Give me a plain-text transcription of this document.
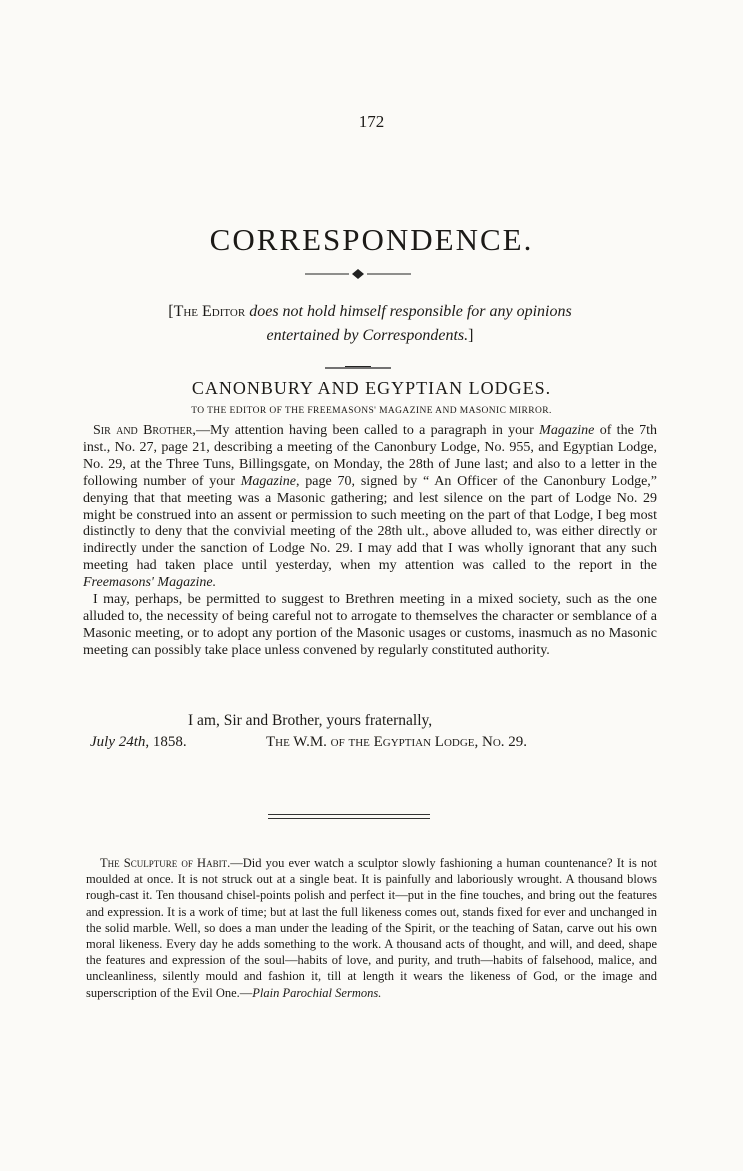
172
CORRESPONDENCE.
[The Editor does not hold himself responsible for any opinions
entertained by Correspondents.]
CANONBURY AND EGYPTIAN LODGES.
TO THE EDITOR OF THE FREEMASONS' MAGAZINE AND MASONIC MIRROR.

Sir and Brother,—My attention having been called to a paragraph in your Magazine of the 7th inst., No. 27, page 21, describing a meeting of the Canonbury Lodge, No. 955, and Egyptian Lodge, No. 29, at the Three Tuns, Billingsgate, on Monday, the 28th of June last; and also to a letter in the following number of your Magazine, page 70, signed by “ An Officer of the Canonbury Lodge,” denying that that meeting was a Masonic gathering; and lest silence on the part of Lodge No. 29 might be construed into an assent or permission to such meeting on the part of that Lodge, I beg most distinctly to deny that the convivial meeting of the 28th ult., above alluded to, was either directly or indirectly under the sanction of Lodge No. 29. I may add that I was wholly ignorant that any such meeting had taken place until yesterday, when my attention was called to the report in the Freemasons' Magazine.

I may, perhaps, be permitted to suggest to Brethren meeting in a mixed society, such as the one alluded to, the necessity of being careful not to arrogate to themselves the character or semblance of a Masonic meeting, or to adopt any portion of the Masonic usages or customs, inasmuch as no Masonic meeting can possibly take place unless convened by regularly constituted authority.

I am, Sir and Brother, yours fraternally,
July 24th, 1858.	The W.M. of the Egyptian Lodge, No. 29.

The Sculpture of Habit.—Did you ever watch a sculptor slowly fashioning a human countenance? It is not moulded at once. It is not struck out at a single beat. It is painfully and laboriously wrought. A thousand blows rough-cast it. Ten thousand chisel-points polish and perfect it—put in the fine touches, and bring out the features and expression. It is a work of time; but at last the full likeness comes out, stands fixed for ever and unchanged in the solid marble. Well, so does a man under the leading of the Spirit, or the teaching of Satan, carve out his own moral likeness. Every day he adds something to the work. A thousand acts of thought, and will, and deed, shape the features and expression of the soul—habits of love, and purity, and truth—habits of falsehood, malice, and uncleanliness, silently mould and fashion it, till at length it wears the likeness of God, or the image and superscription of the Evil One.—Plain Parochial Sermons.
